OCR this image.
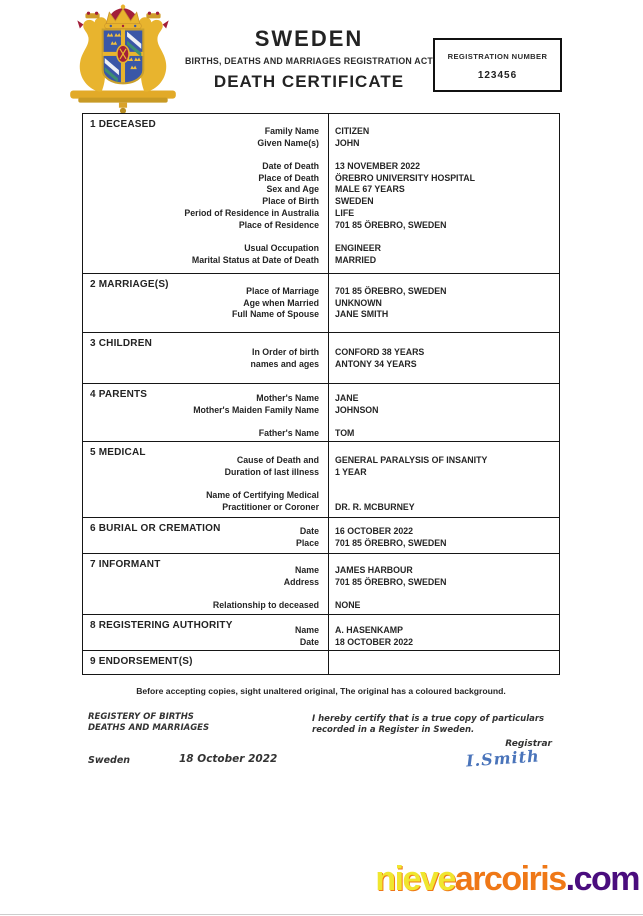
SWEDEN
BIRTHS, DEATHS AND MARRIAGES REGISTRATION ACT
DEATH CERTIFICATE
REGISTRATION NUMBER
123456
1 DECEASED
Family Name	CITIZEN
Given Name(s)	JOHN
Date of Death	13 NOVEMBER 2022
Place of Death	ÖREBRO UNIVERSITY HOSPITAL
Sex and Age	MALE 67 YEARS
Place of Birth	SWEDEN
Period of Residence in Australia	LIFE
Place of Residence	701 85 ÖREBRO, SWEDEN
Usual Occupation	ENGINEER
Marital Status at Date of Death	MARRIED
2 MARRIAGE(S)
Place of Marriage	701 85 ÖREBRO, SWEDEN
Age when Married	UNKNOWN
Full Name of Spouse	JANE SMITH
3 CHILDREN
In Order of birth	CONFORD 38 YEARS
names and ages	ANTONY 34 YEARS
4 PARENTS	Mother's Name	JANE
Mother's Maiden Family Name	JOHNSON
Father's Name	TOM
5 MEDICAL
Cause of Death and	GENERAL PARALYSIS OF INSANITY
Duration of last illness	1 YEAR
Name of Certifying Medical
Practitioner or Coroner	DR. R. MCBURNEY
6 BURIAL OR CREMATION	Date	16 OCTOBER 2022
Place	701 85 ÖREBRO, SWEDEN
7 INFORMANT	Name	JAMES HARBOUR
Address	701 85 ÖREBRO, SWEDEN
Relationship to deceased	NONE
8 REGISTERING AUTHORITY	Name	A. HASENKAMP
Date	18 OCTOBER 2022
9 ENDORSEMENT(S)
Before accepting copies, sight unaltered original, The original has a coloured background.
REGISTERY OF BIRTHS
DEATHS AND MARRIAGES
I hereby certify that is a true copy of particulars recorded in a Register in Sweden.
Registrar
Sweden	18 October 2022	I.Smith
nievearcoiris.com
